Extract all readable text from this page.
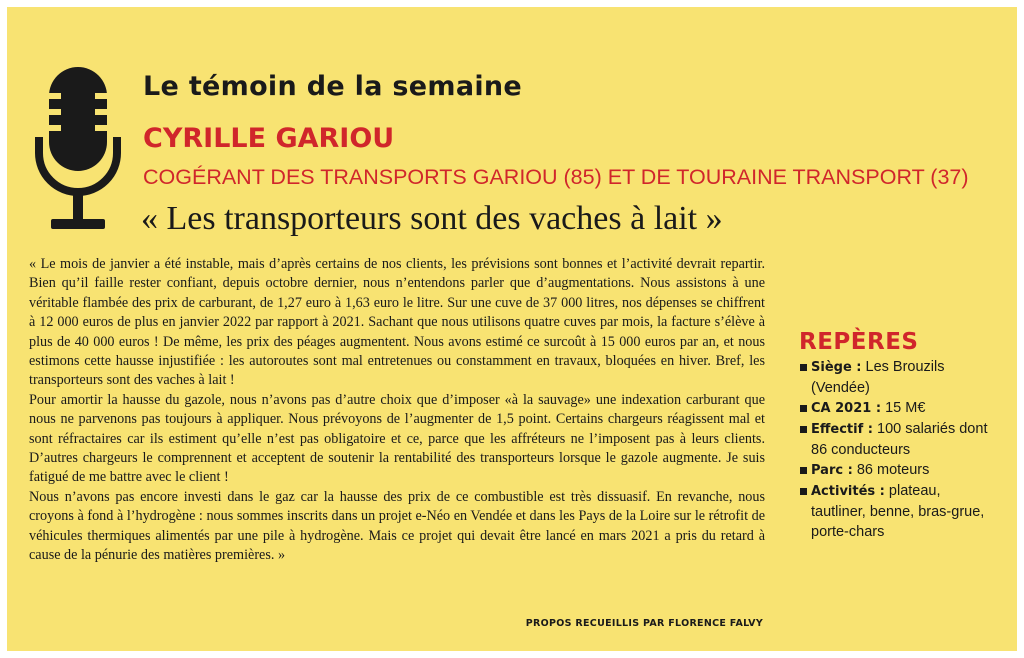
Le témoin de la semaine
CYRILLE GARIOU
COGÉRANT DES TRANSPORTS GARIOU (85) ET DE TOURAINE TRANSPORT (37)
« Les transporteurs sont des vaches à lait »

« Le mois de janvier a été instable, mais d’après certains de nos clients, les prévisions sont bonnes et l’activité devrait repartir. Bien qu’il faille rester confiant, depuis octobre dernier, nous n’entendons parler que d’augmentations. Nous assistons à une véritable flambée des prix de carburant, de 1,27 euro à 1,63 euro le litre. Sur une cuve de 37 000 litres, nos dépenses se chiffrent à 12 000 euros de plus en janvier 2022 par rapport à 2021. Sachant que nous utilisons quatre cuves par mois, la facture s’élève à plus de 40 000 euros ! De même, les prix des péages augmentent. Nous avons estimé ce surcoût à 15 000 euros par an, et nous estimons cette hausse injustifiée : les autoroutes sont mal entretenues ou constamment en travaux, bloquées en hiver. Bref, les transporteurs sont des vaches à lait !

Pour amortir la hausse du gazole, nous n’avons pas d’autre choix que d’imposer «à la sauvage» une indexation carburant que nous ne parvenons pas toujours à appliquer. Nous prévoyons de l’augmenter de 1,5 point. Certains chargeurs réagissent mal et sont réfractaires car ils estiment qu’elle n’est pas obligatoire et ce, parce que les affréteurs ne l’imposent pas à leurs clients. D’autres chargeurs le comprennent et acceptent de soutenir la rentabilité des transporteurs lorsque le gazole augmente. Je suis fatigué de me battre avec le client !

Nous n’avons pas encore investi dans le gaz car la hausse des prix de ce combustible est très dissuasif. En revanche, nous croyons à fond à l’hydrogène : nous sommes inscrits dans un projet e-Néo en Vendée et dans les Pays de la Loire sur le rétrofit de véhicules thermiques alimentés par une pile à hydrogène. Mais ce projet qui devait être lancé en mars 2021 a pris du retard à cause de la pénurie des matières premières. »

PROPOS RECUEILLIS PAR FLORENCE FALVY
REPÈRES
Siège : Les Brouzils (Vendée)
CA 2021 : 15 M€
Effectif : 100 salariés dont 86 conducteurs
Parc : 86 moteurs
Activités : plateau, tautliner, benne, bras-grue, porte-chars
